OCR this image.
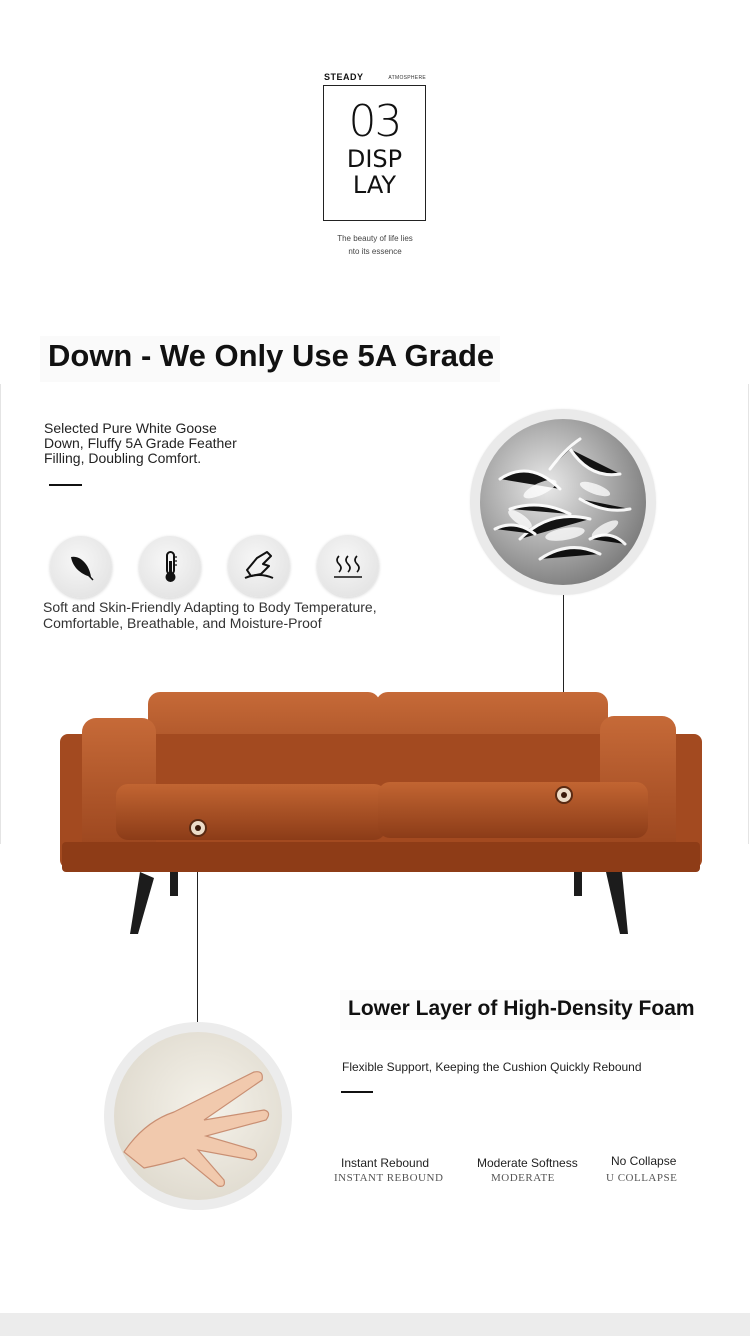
STEADY	ATMOSPHERE
03
DISP
LAY
The beauty of life lies
nto its essence
Down - We Only Use 5A Grade
Selected Pure White Goose
Down, Fluffy 5A Grade Feather
Filling, Doubling Comfort.
Soft and Skin-Friendly Adapting to Body Temperature,
Comfortable, Breathable, and Moisture-Proof
Lower Layer of High-Density Foam
Flexible Support, Keeping the Cushion Quickly Rebound
Instant Rebound
INSTANT REBOUND
Moderate Softness
MODERATE
No Collapse
U COLLAPSE
